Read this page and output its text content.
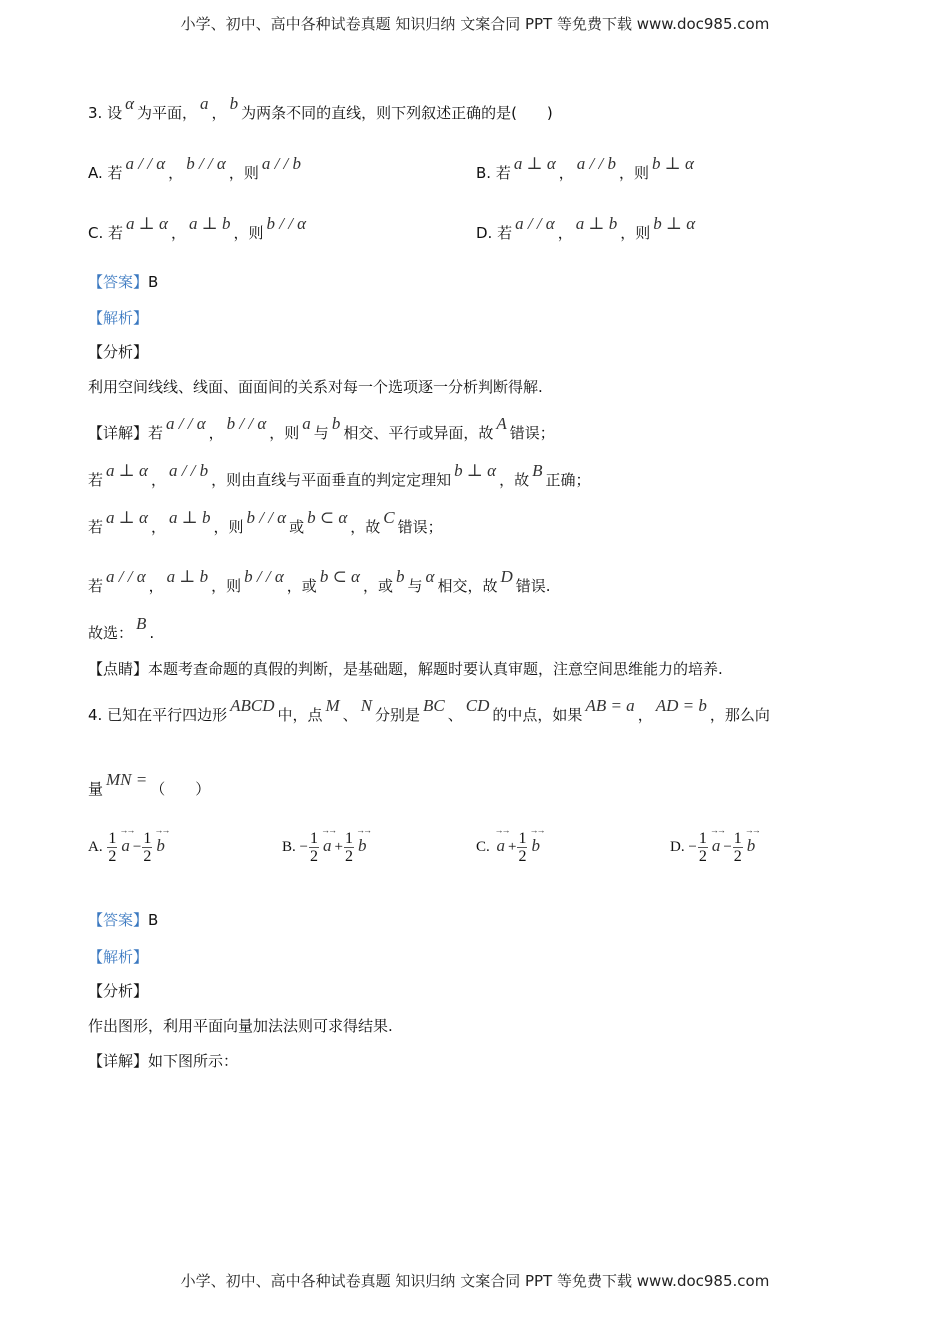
小学、初中、高中各种试卷真题 知识归纳 文案合同 PPT 等免费下载 www.doc985.com
3. 设 α 为平面， a ， b 为两条不同的直线，则下列叙述正确的是(　　)
A. 若 a / / α ， b / / α ，则 a / / b	B. 若 a ⊥ α ， a / / b ，则 b ⊥ α
C. 若 a ⊥ α ， a ⊥ b ，则 b / / α	D. 若 a / / α ， a ⊥ b ，则 b ⊥ α
【答案】B
【解析】
【分析】
利用空间线线、线面、面面间的关系对每一个选项逐一分析判断得解.
【详解】若 a / / α ， b / / α ，则 a 与 b 相交、平行或异面，故 A 错误；
若 a ⊥ α ， a / / b ，则由直线与平面垂直的判定定理知 b ⊥ α ，故 B 正确；
若 a ⊥ α ， a ⊥ b ，则 b / / α 或 b ⊂ α ，故 C 错误；
若 a / / α ， a ⊥ b ，则 b / / α ，或 b ⊂ α ，或 b 与 α 相交，故 D 错误.
故选： B .
【点睛】本题考查命题的真假的判断，是基础题，解题时要认真审题，注意空间思维能力的培养.
4. 已知在平行四边形 ABCD 中，点 M 、 N 分别是 BC 、 CD 的中点，如果 AB = a ， AD = b ，那么向
量 MN = （　　）
A. $\frac{1}{2} \to\to a - \frac{1}{2} \to\to b$	B. − $\frac{1}{2} \to\to a + \frac{1}{2} \to\to b$	C. →→ $a + \frac{1}{2} \to\to b$	D. − $\frac{1}{2} \to\to a - \frac{1}{2} \to\to b$
【答案】B
【解析】
【分析】
作出图形，利用平面向量加法法则可求得结果.
【详解】如下图所示：
小学、初中、高中各种试卷真题 知识归纳 文案合同 PPT 等免费下载 www.doc985.com
